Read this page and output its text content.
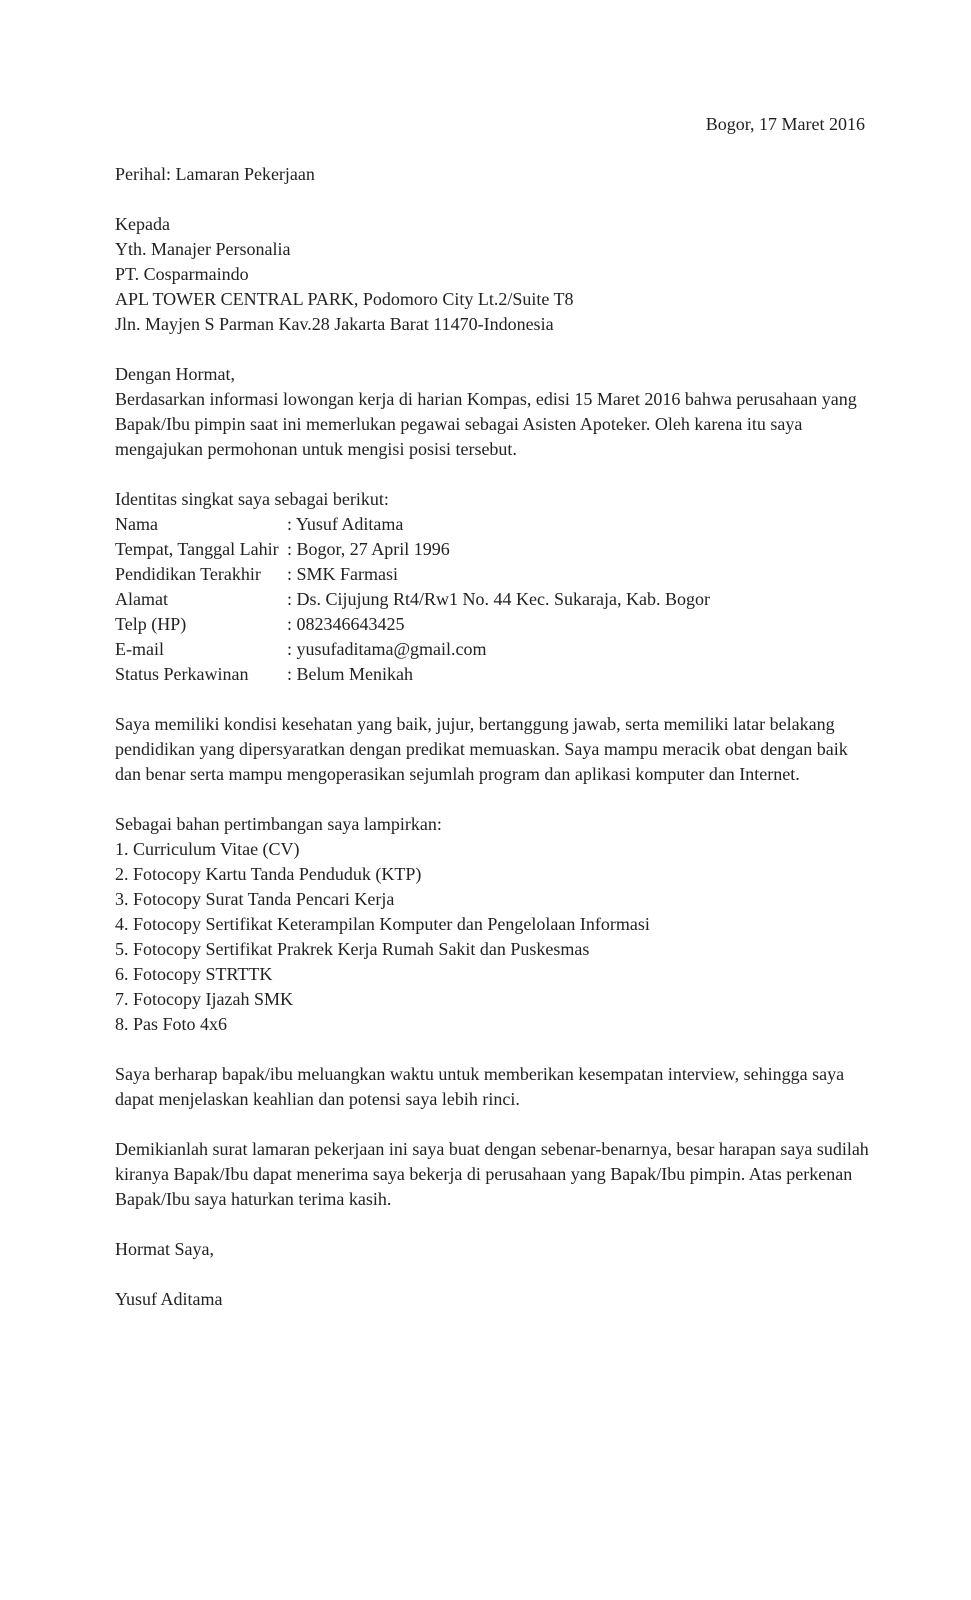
Bogor, 17 Maret 2016
Perihal: Lamaran Pekerjaan
Kepada
Yth. Manajer Personalia
PT. Cosparmaindo
APL TOWER CENTRAL PARK, Podomoro City Lt.2/Suite T8
Jln. Mayjen S Parman Kav.28 Jakarta Barat 11470-Indonesia
Dengan Hormat,
Berdasarkan informasi lowongan kerja di harian Kompas, edisi 15 Maret 2016 bahwa perusahaan yang Bapak/Ibu pimpin saat ini memerlukan pegawai sebagai Asisten Apoteker. Oleh karena itu saya mengajukan permohonan untuk mengisi posisi tersebut.
Identitas singkat saya sebagai berikut:
Nama	: Yusuf Aditama
Tempat, Tanggal Lahir : Bogor, 27 April 1996
Pendidikan Terakhir	: SMK Farmasi
Alamat	: Ds. Cijujung Rt4/Rw1 No. 44 Kec. Sukaraja, Kab. Bogor
Telp (HP)	: 082346643425
E-mail	: yusufaditama@gmail.com
Status Perkawinan	: Belum Menikah
Saya memiliki kondisi kesehatan yang baik, jujur, bertanggung jawab, serta memiliki latar belakang pendidikan yang dipersyaratkan dengan predikat memuaskan. Saya mampu meracik obat dengan baik dan benar serta mampu mengoperasikan sejumlah program dan aplikasi komputer dan Internet.
Sebagai bahan pertimbangan saya lampirkan:
1. Curriculum Vitae (CV)
2. Fotocopy Kartu Tanda Penduduk (KTP)
3. Fotocopy Surat Tanda Pencari Kerja
4. Fotocopy Sertifikat Keterampilan Komputer dan Pengelolaan Informasi
5. Fotocopy Sertifikat Prakrek Kerja Rumah Sakit dan Puskesmas
6. Fotocopy STRTTK
7. Fotocopy Ijazah SMK
8. Pas Foto 4x6
Saya berharap bapak/ibu meluangkan waktu untuk memberikan kesempatan interview, sehingga saya dapat menjelaskan keahlian dan potensi saya lebih rinci.
Demikianlah surat lamaran pekerjaan ini saya buat dengan sebenar-benarnya, besar harapan saya sudilah kiranya Bapak/Ibu dapat menerima saya bekerja di perusahaan yang Bapak/Ibu pimpin. Atas perkenan Bapak/Ibu saya haturkan terima kasih.
Hormat Saya,
Yusuf Aditama
